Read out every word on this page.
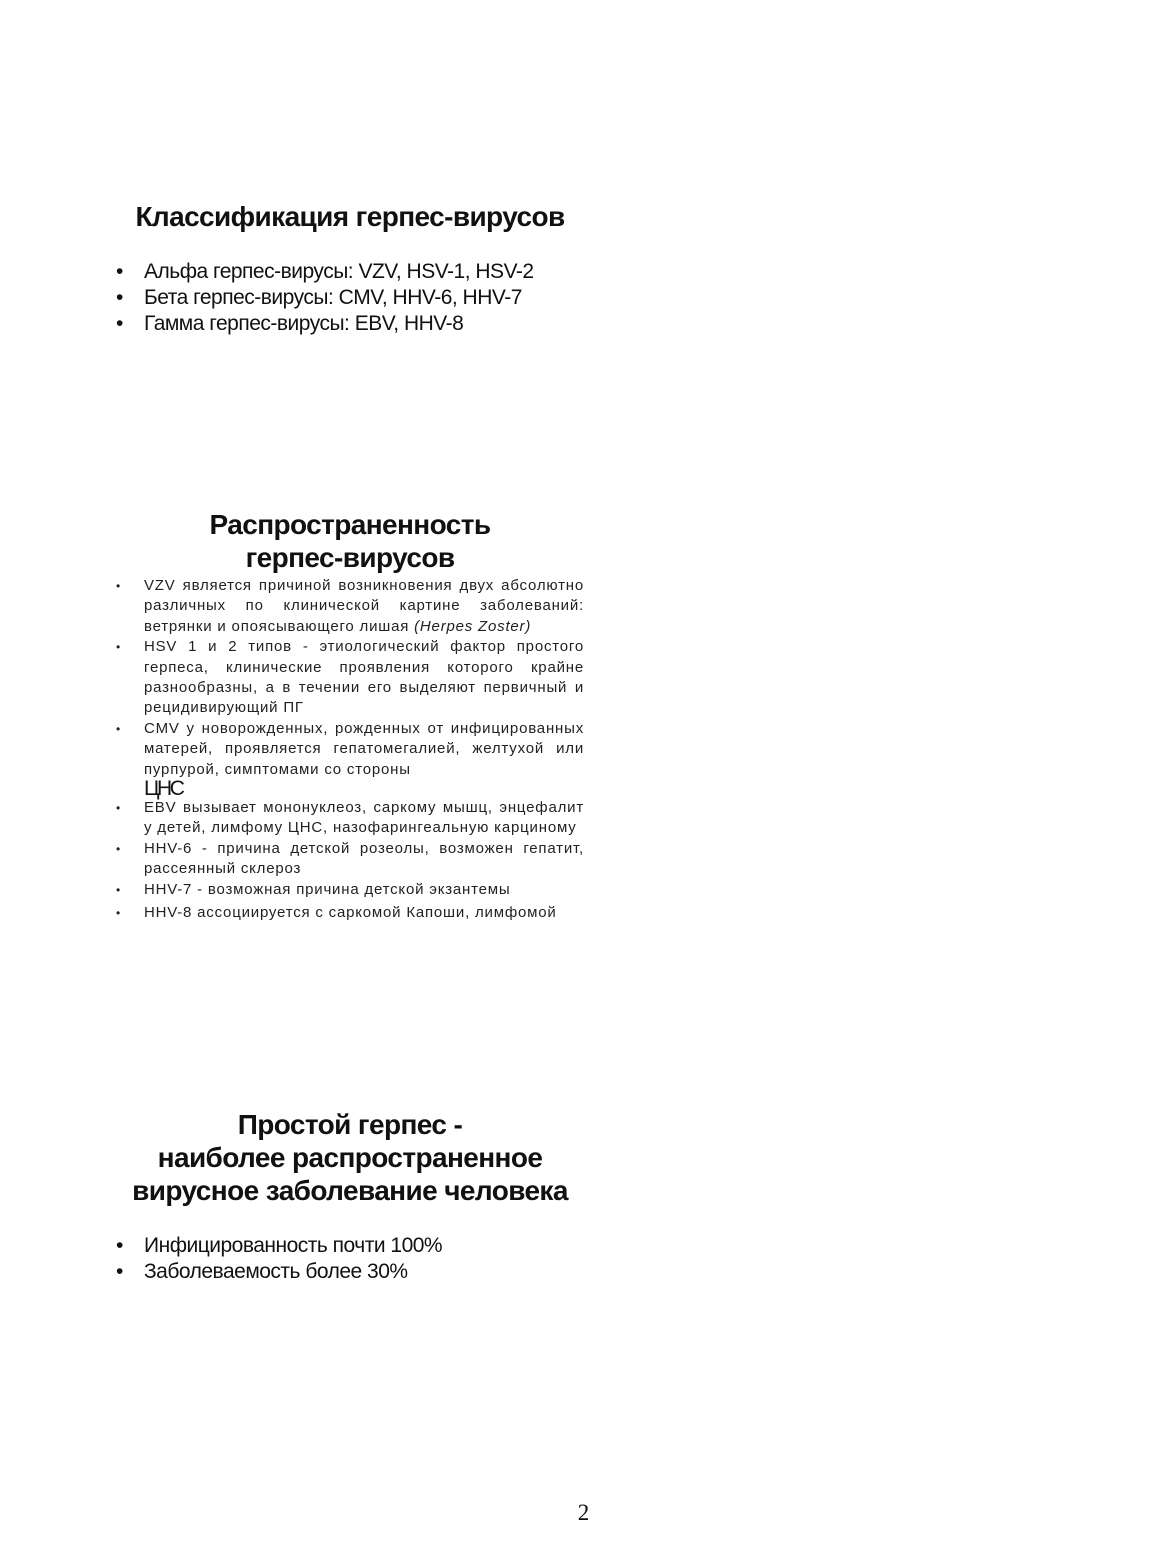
Классификация герпес-вирусов
• Альфа герпес-вирусы: VZV, HSV-1, HSV-2
• Бета герпес-вирусы: CMV, HHV-6, HHV-7
• Гамма герпес-вирусы: EBV, HHV-8
Распространенность
герпес-вирусов
• VZV является причиной возникновения двух абсолютно различных по клинической картине заболеваний: ветрянки и опоясывающего лишая (Herpes Zoster)
• HSV 1 и 2 типов - этиологический фактор простого герпеса, клинические проявления которого крайне разнообразны, а в течении его выделяют первичный и рецидивирующий ПГ
• CMV у новорожденных, рожденных от инфицированных матерей, проявляется гепатомегалией, желтухой или пурпурой, симптомами со стороны
ЦНС
• EBV вызывает мононуклеоз, саркому мышц, энцефалит у детей, лимфому ЦНС, назофарингеальную карциному
• HHV-6 - причина детской розеолы, возможен гепатит, рассеянный склероз
• HHV-7 - возможная причина детской экзантемы
• HHV-8 ассоциируется с саркомой Капоши, лимфомой
Простой герпес -
наиболее распространенное
вирусное заболевание человека
• Инфицированность почти 100%
• Заболеваемость более 30%
2
